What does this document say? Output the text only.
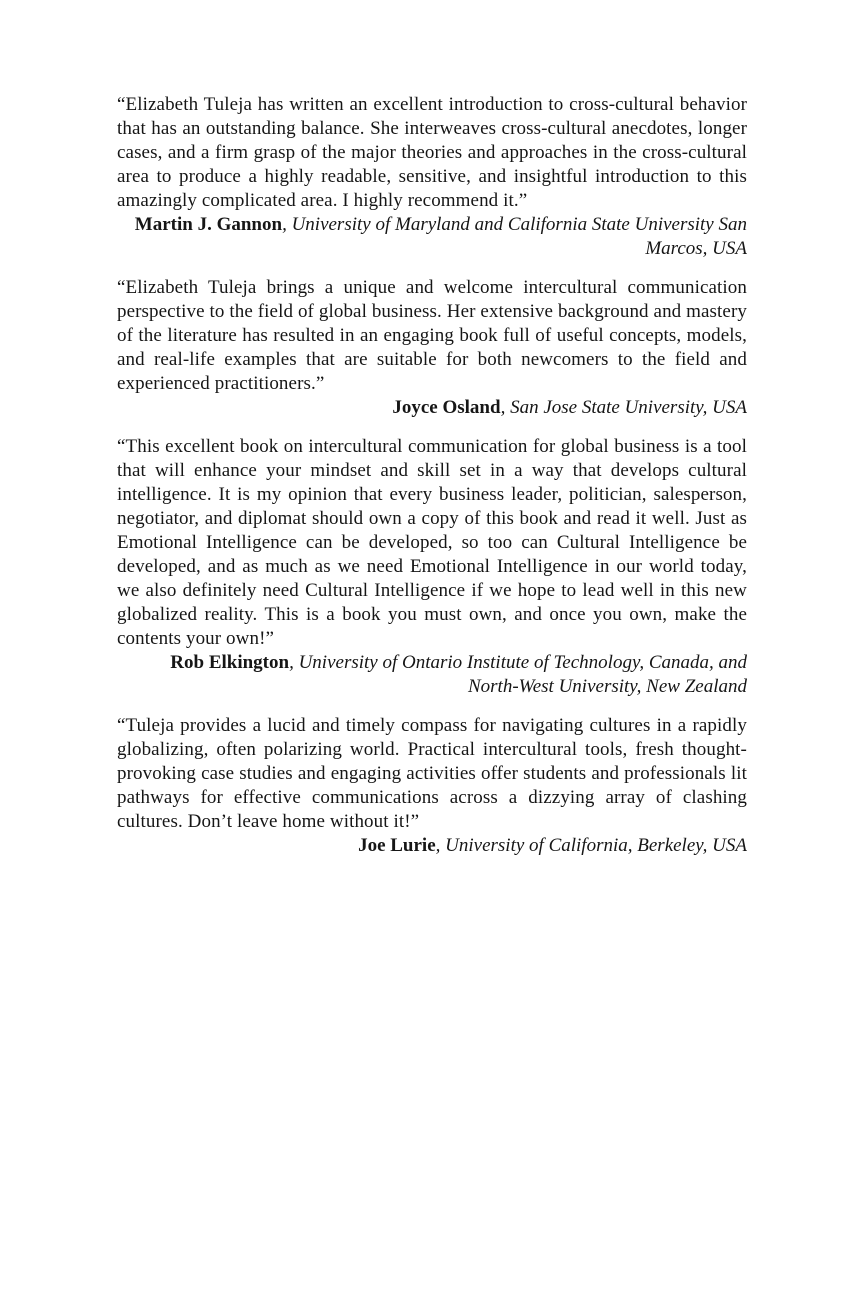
“Elizabeth Tuleja has written an excellent introduction to cross-cultural behavior that has an outstanding balance. She interweaves cross-cultural anecdotes, longer cases, and a firm grasp of the major theories and approaches in the cross-cultural area to produce a highly readable, sensitive, and insightful introduction to this amazingly complicated area. I highly recommend it.”

Martin J. Gannon, University of Maryland and California State University San Marcos, USA

“Elizabeth Tuleja brings a unique and welcome intercultural communication perspective to the field of global business. Her extensive background and mastery of the literature has resulted in an engaging book full of useful concepts, models, and real-life examples that are suitable for both newcomers to the field and experienced practitioners.”

Joyce Osland, San Jose State University, USA

“This excellent book on intercultural communication for global business is a tool that will enhance your mindset and skill set in a way that develops cultural intelligence. It is my opinion that every business leader, politician, salesperson, negotiator, and diplomat should own a copy of this book and read it well. Just as Emotional Intelligence can be developed, so too can Cultural Intelligence be developed, and as much as we need Emotional Intelligence in our world today, we also definitely need Cultural Intelligence if we hope to lead well in this new globalized reality. This is a book you must own, and once you own, make the contents your own!”

Rob Elkington, University of Ontario Institute of Technology, Canada, and North-West University, New Zealand

“Tuleja provides a lucid and timely compass for navigating cultures in a rapidly globalizing, often polarizing world. Practical intercultural tools, fresh thought-provoking case studies and engaging activities offer students and professionals lit pathways for effective communications across a dizzying array of clashing cultures. Don’t leave home without it!”

Joe Lurie, University of California, Berkeley, USA
